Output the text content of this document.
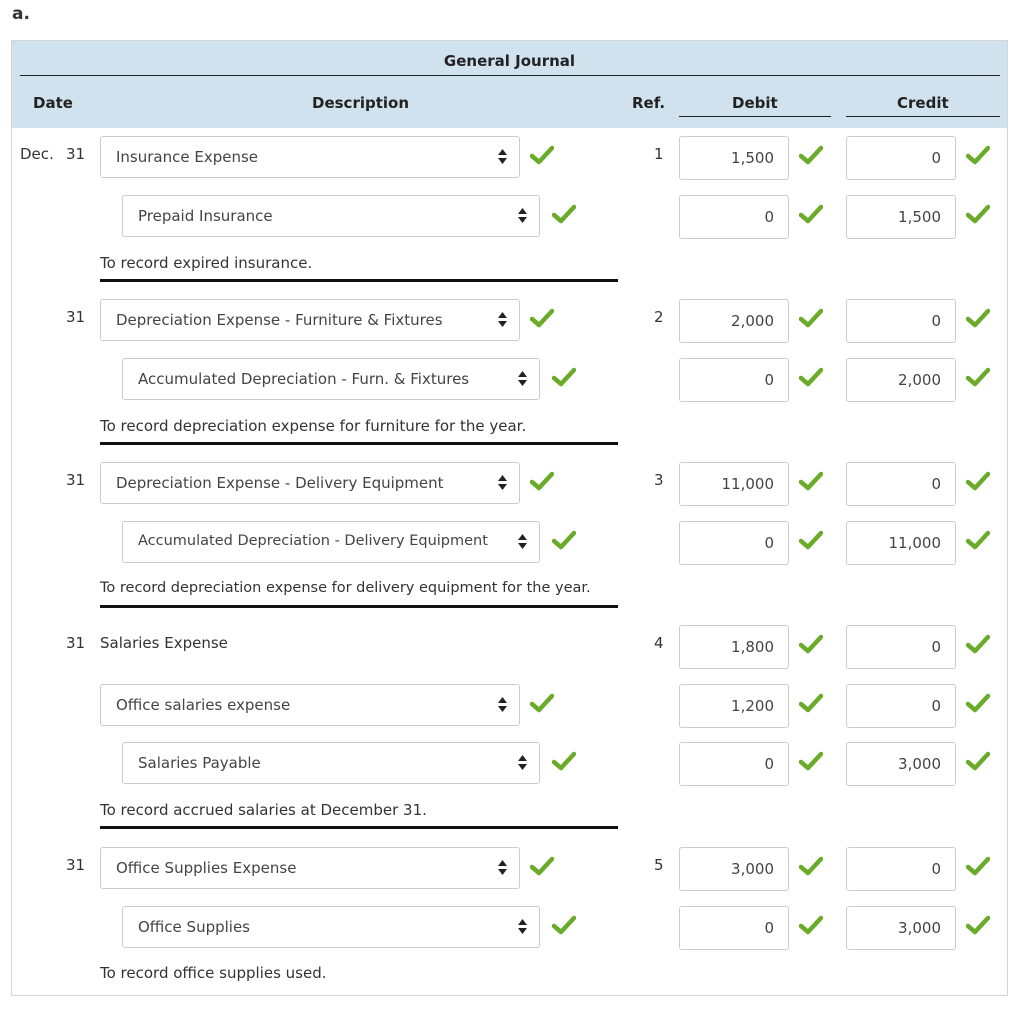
a.
General Journal
Date	Description	Ref.	Debit	Credit
Dec. 31	Insurance Expense	1	1,500	0
Prepaid Insurance	0	1,500
To record expired insurance.
31	Depreciation Expense - Furniture & Fixtures	2	2,000	0
Accumulated Depreciation - Furn. & Fixtures	0	2,000
To record depreciation expense for furniture for the year.
31	Depreciation Expense - Delivery Equipment	3	11,000	0
Accumulated Depreciation - Delivery Equipment	0	11,000
To record depreciation expense for delivery equipment for the year.
31 Salaries Expense	4	1,800	0
Office salaries expense	1,200	0
Salaries Payable	0	3,000
To record accrued salaries at December 31.
31	Office Supplies Expense	5	3,000	0
Office Supplies	0	3,000
To record office supplies used.
